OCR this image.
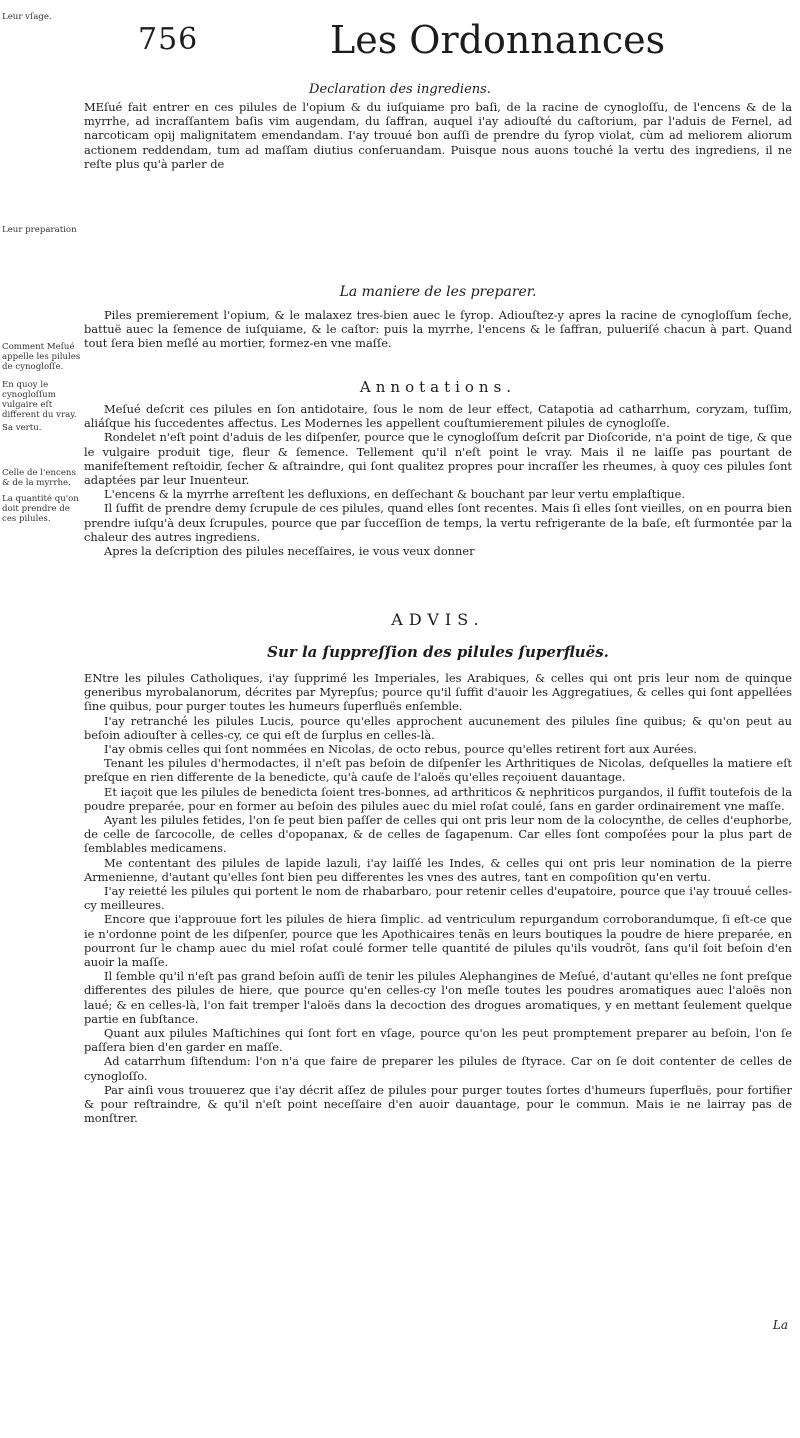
756	Les Ordonnances
Declaration des ingrediens.
Leur vſage.
Leur preparation
Comment Meſué appelle les pilules de cynogloſſe.
En quoy le cynogloſſum vulgaire eſt different du vray.
Sa vertu.
Celle de l'encens & de la myrrhe.
La quantité qu'on doit prendre de ces pilules.

MEſué fait entrer en ces pilules de l'opium & du iuſquiame pro baſi, de la racine de cynogloſſu, de l'encens & de la myrrhe, ad incraſſantem baſis vim augendam, du ſaffran, auquel i'ay adiouſté du caſtorium, par l'aduis de Fernel, ad narcoticam opij malignitatem emendandam. I'ay trouué bon auſſi de prendre du ſyrop violat, cùm ad meliorem aliorum actionem reddendam, tum ad maſſam diutius conſeruandam. Puisque nous auons touché la vertu des ingrediens, il ne reſte plus qu'à parler de

La maniere de les preparer.

Piles premierement l'opium, & le malaxez tres-bien auec le ſyrop. Adiouſtez-y apres la racine de cynogloſſum ſeche, battuë auec la ſemence de iuſquiame, & le caſtor: puis la myrrhe, l'encens & le ſaffran, pulueriſé chacun à part. Quand tout ſera bien meſlé au mortier, formez-en vne maſſe.

Annotations.

Meſué deſcrit ces pilules en ſon antidotaire, ſous le nom de leur effect, Catapotia ad catharrhum, coryzam, tuſſim, aliáſque his ſuccedentes affectus. Les Modernes les appellent couſtumierement pilules de cynogloſſe.

Rondelet n'eſt point d'aduis de les diſpenſer, pource que le cynogloſſum deſcrit par Dioſcoride, n'a point de tige, & que le vulgaire produit tige, fleur & ſemence. Tellement qu'il n'eſt point le vray. Mais il ne laiſſe pas pourtant de manifeſtement reſtoidir, ſecher & aſtraindre, qui ſont qualitez propres pour incraſſer les rheumes, à quoy ces pilules ſont adaptées par leur Inuenteur.

L'encens & la myrrhe arreſtent les defluxions, en deſſechant & bouchant par leur vertu emplaſtique.

Il ſuffit de prendre demy ſcrupule de ces pilules, quand elles ſont recentes. Mais ſi elles ſont vieilles, on en pourra bien prendre iuſqu'à deux ſcrupules, pource que par ſucceſſion de temps, la vertu refrigerante de la baſe, eſt ſurmontée par la chaleur des autres ingrediens.

Apres la deſcription des pilules neceſſaires, ie vous veux donner

ADVIS.

Sur la ſuppreſſion des pilules ſuperfluës.

ENtre les pilules Catholiques, i'ay ſupprimé les Imperiales, les Arabiques, & celles qui ont pris leur nom de quinque generibus myrobalanorum, décrites par Myrepſus; pource qu'il ſuffit d'auoir les Aggregatiues, & celles qui ſont appellées ſine quibus, pour purger toutes les humeurs ſuperfluës enſemble.

I'ay retranché les pilules Lucis, pource qu'elles approchent aucunement des pilules ſine quibus; & qu'on peut au beſoin adiouſter à celles-cy, ce qui eſt de ſurplus en celles-là.

I'ay obmis celles qui ſont nommées en Nicolas, de octo rebus, pource qu'elles retirent fort aux Aurées.

Tenant les pilules d'hermodactes, il n'eſt pas beſoin de diſpenſer les Arthritiques de Nicolas, deſquelles la matiere eſt preſque en rien differente de la benedicte, qu'à cauſe de l'aloës qu'elles reçoiuent dauantage.

Et iaçoit que les pilules de benedicta ſoient tres-bonnes, ad arthriticos & nephriticos purgandos, il ſuffit toutefois de la poudre preparée, pour en former au beſoin des pilules auec du miel roſat coulé, ſans en garder ordinairement vne maſſe.

Ayant les pilules fetides, l'on ſe peut bien paſſer de celles qui ont pris leur nom de la colocynthe, de celles d'euphorbe, de celle de ſarcocolle, de celles d'opopanax, & de celles de ſagapenum. Car elles ſont compoſées pour la plus part de ſemblables medicamens.

Me contentant des pilules de lapide lazuli, i'ay laiſſé les Indes, & celles qui ont pris leur nomination de la pierre Armenienne, d'autant qu'elles ſont bien peu differentes les vnes des autres, tant en compoſition qu'en vertu.

I'ay reietté les pilules qui portent le nom de rhabarbaro, pour retenir celles d'eupatoire, pource que i'ay trouué celles-cy meilleures.

Encore que i'approuue fort les pilules de hiera ſimplic. ad ventriculum repurgandum corroborandumque, ſi eſt-ce que ie n'ordonne point de les diſpenſer, pource que les Apothicaires tenãs en leurs boutiques la poudre de hiere preparée, en pourront ſur le champ auec du miel roſat coulé former telle quantité de pilules qu'ils voudrõt, ſans qu'il ſoit beſoin d'en auoir la maſſe.

Il ſemble qu'il n'eſt pas grand beſoin auſſi de tenir les pilules Alephangines de Meſué, d'autant qu'elles ne ſont preſque differentes des pilules de hiere, que pource qu'en celles-cy l'on meſle toutes les poudres aromatiques auec l'aloës non laué; & en celles-là, l'on fait tremper l'aloës dans la decoction des drogues aromatiques, y en mettant ſeulement quelque partie en ſubſtance.

Quant aux pilules Maſtichines qui ſont fort en vſage, pource qu'on les peut promptement preparer au beſoin, l'on ſe paſſera bien d'en garder en maſſe.

Ad catarrhum ſiſtendum: l'on n'a que faire de preparer les pilules de ſtyrace. Car on ſe doit contenter de celles de cynogloſſo.

Par ainſi vous trouuerez que i'ay décrit aſſez de pilules pour purger toutes ſortes d'humeurs ſuperfluës, pour fortifier & pour reſtraindre, & qu'il n'eſt point neceſſaire d'en auoir dauantage, pour le commun. Mais ie ne lairray pas de monſtrer.

La
